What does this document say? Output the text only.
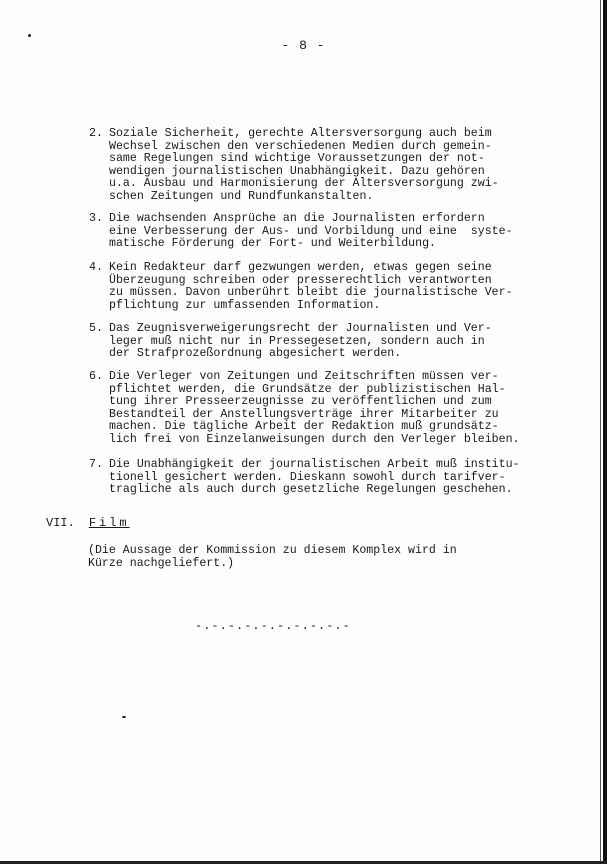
- 8 -
2. Soziale Sicherheit, gerechte Altersversorgung auch beim
Wechsel zwischen den verschiedenen Medien durch gemein-
same Regelungen sind wichtige Voraussetzungen der not-
wendigen journalistischen Unabhängigkeit. Dazu gehören
u.a. Ausbau und Harmonisierung der Altersversorgung zwi-
schen Zeitungen und Rundfunkanstalten.
3. Die wachsenden Ansprüche an die Journalisten erfordern
eine Verbesserung der Aus- und Vorbildung und eine  syste-
matische Förderung der Fort- und Weiterbildung.
4. Kein Redakteur darf gezwungen werden, etwas gegen seine
Überzeugung schreiben oder presserechtlich verantworten
zu müssen. Davon unberührt bleibt die journalistische Ver-
pflichtung zur umfassenden Information.
5. Das Zeugnisverweigerungsrecht der Journalisten und Ver-
leger muß nicht nur in Pressegesetzen, sondern auch in
der Strafprozeßordnung abgesichert werden.
6. Die Verleger von Zeitungen und Zeitschriften müssen ver-
pflichtet werden, die Grundsätze der publizistischen Hal-
tung ihrer Presseerzeugnisse zu veröffentlichen und zum
Bestandteil der Anstellungsverträge ihrer Mitarbeiter zu
machen. Die tägliche Arbeit der Redaktion muß grundsätz-
lich frei von Einzelanweisungen durch den Verleger bleiben.
7. Die Unabhängigkeit der journalistischen Arbeit muß institu-
tionell gesichert werden. Dieskann sowohl durch tarifver-
tragliche als auch durch gesetzliche Regelungen geschehen.
VII. Film
(Die Aussage der Kommission zu diesem Komplex wird in
Kürze nachgeliefert.)
-.-.-.-.-.-.-.-.-.-
